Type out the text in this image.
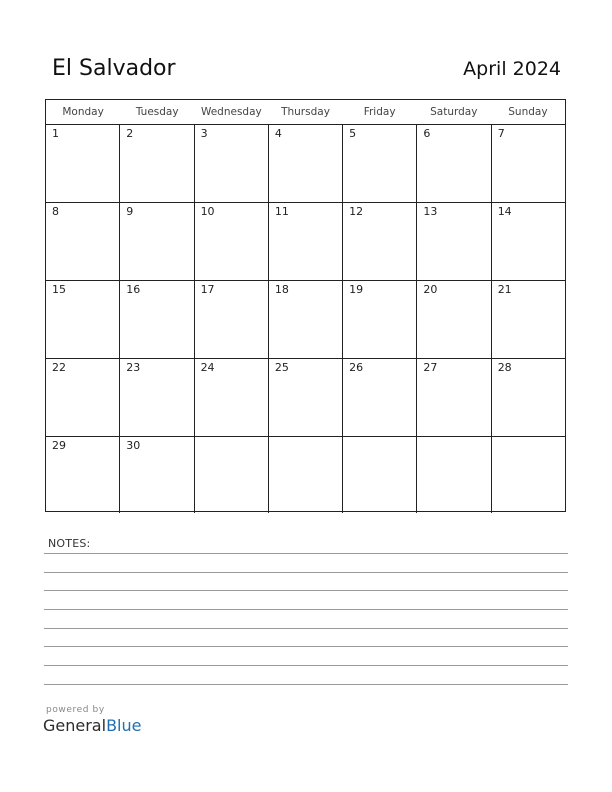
El Salvador	April 2024
Monday	Tuesday	Wednesday	Thursday	Friday	Saturday	Sunday
1	2	3	4	5	6	7
8	9	10	11	12	13	14
15	16	17	18	19	20	21
22	23	24	25	26	27	28
29	30
NOTES:
powered by
GeneralBlue
